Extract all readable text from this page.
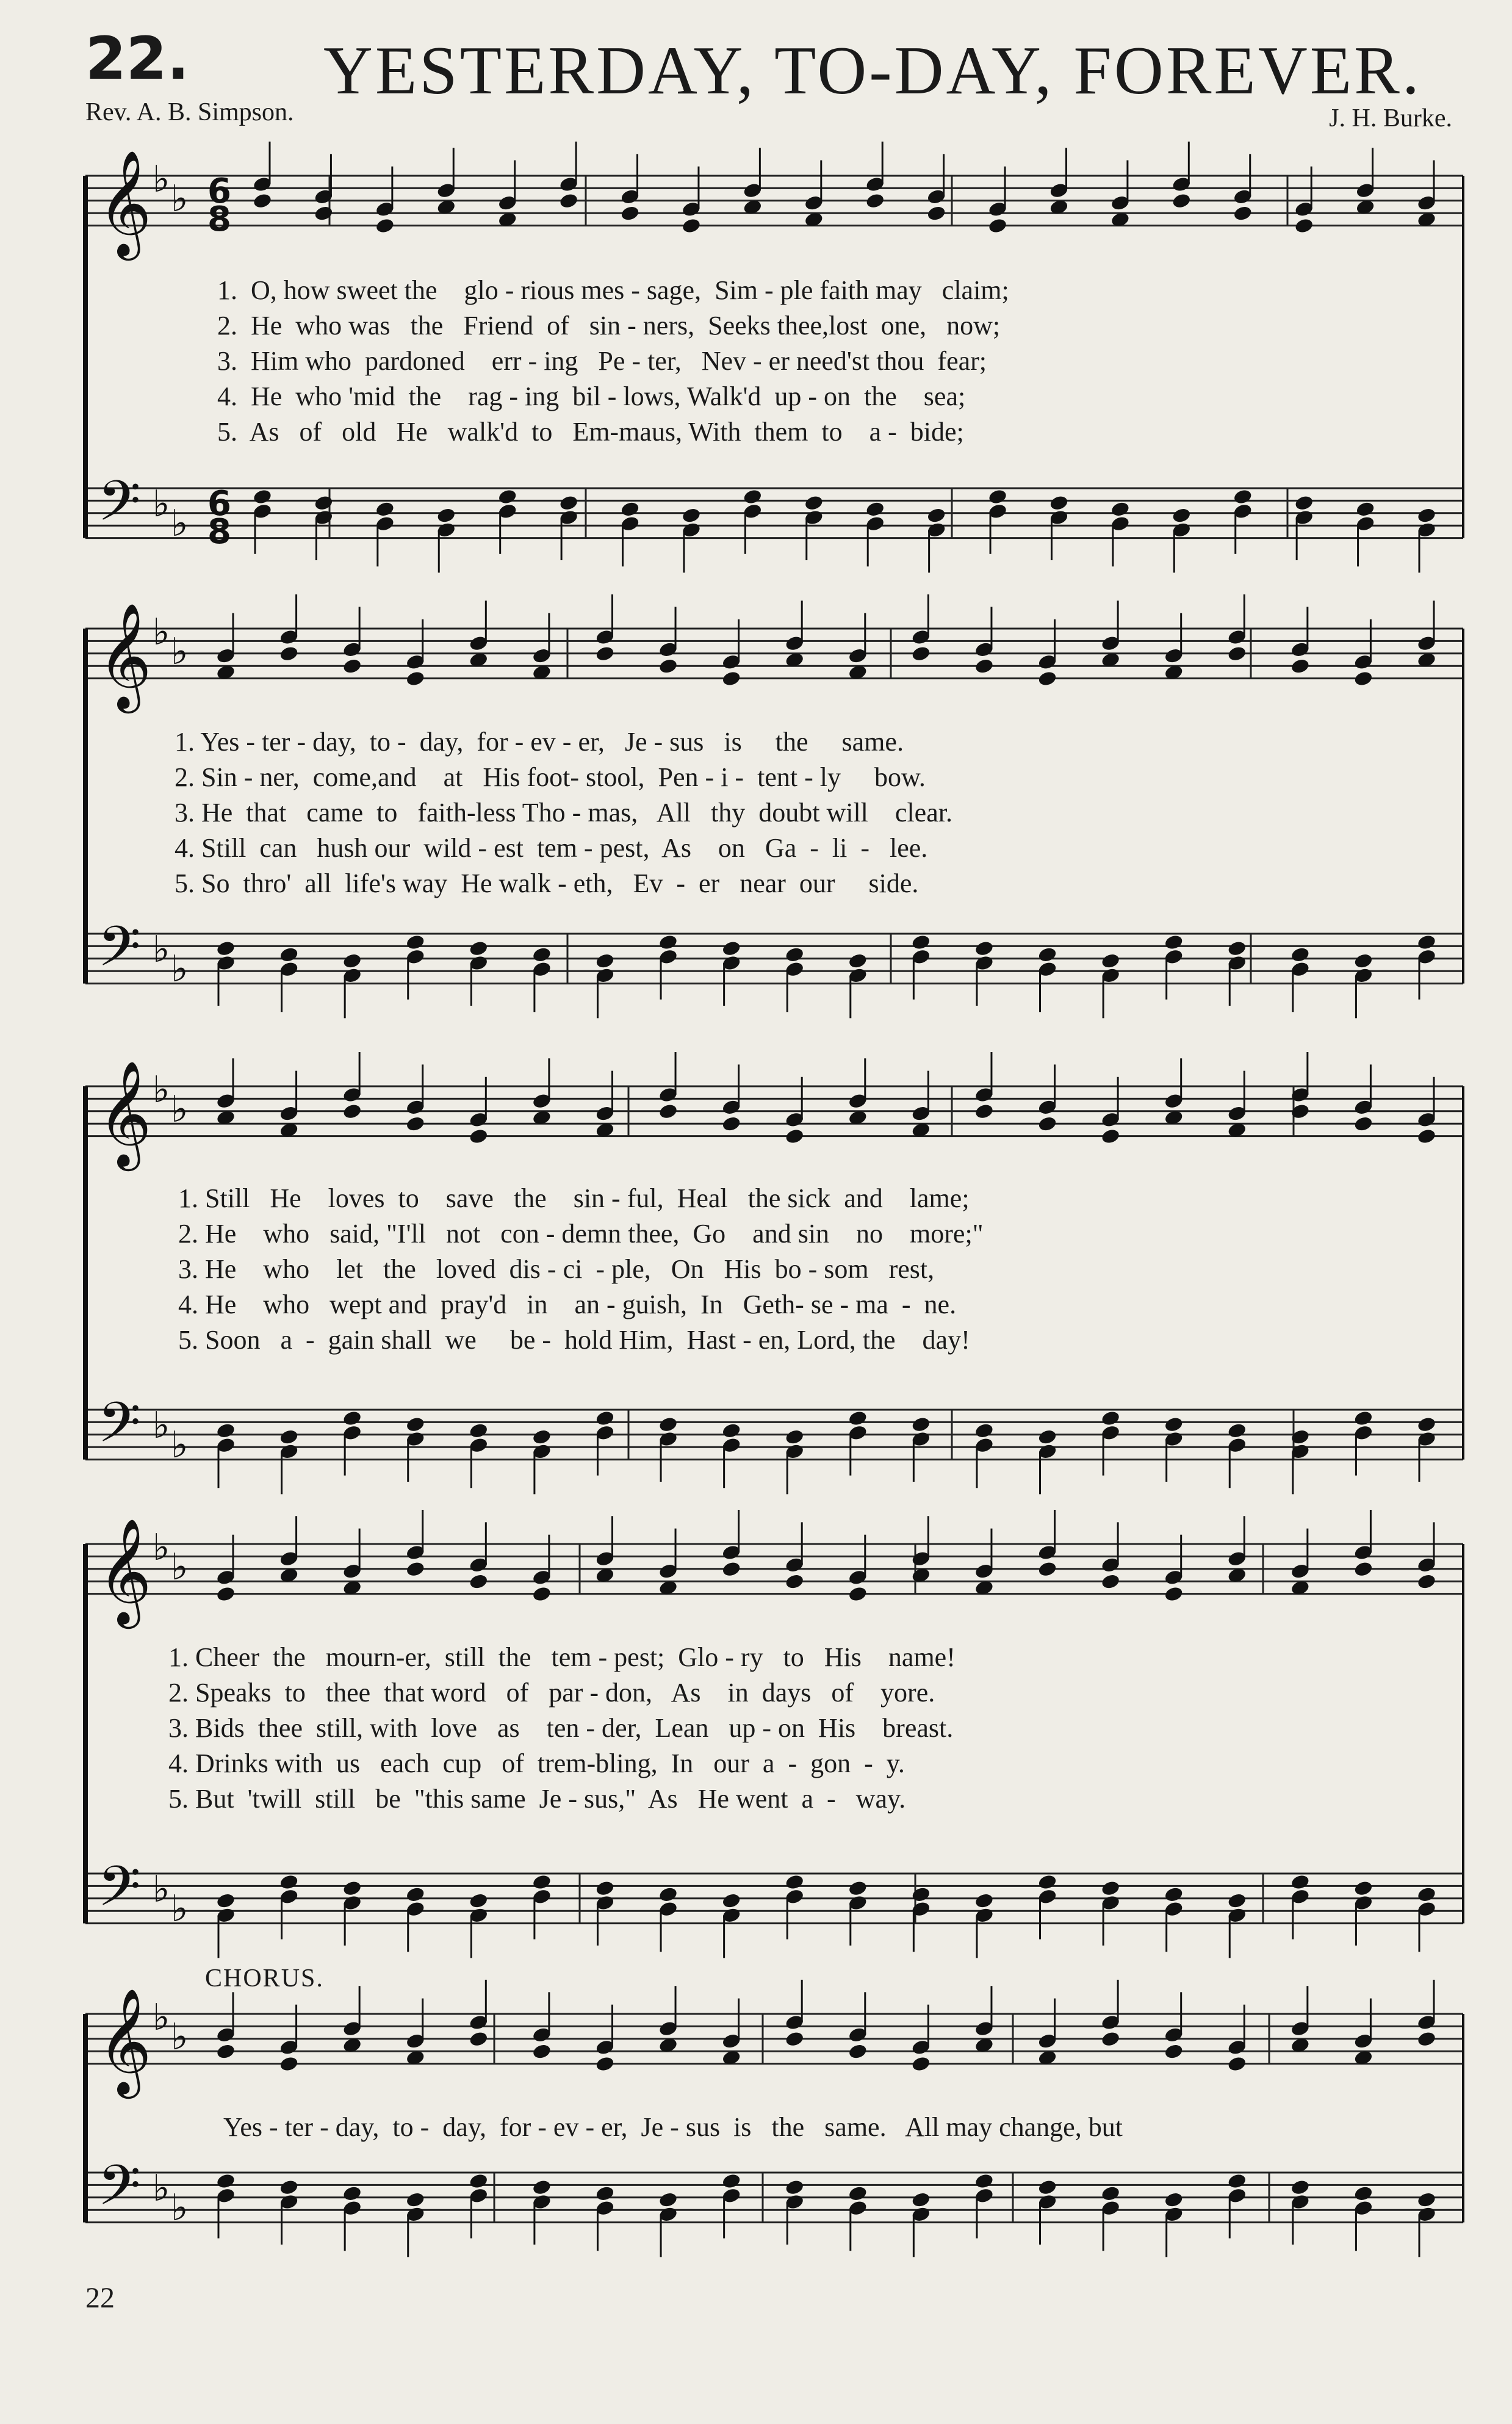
22. YESTERDAY, TO-DAY, FOREVER.
Rev. A. B. Simpson.	J. H. Burke.
𝄞
𝄢
♭ ♭
♭ ♭
6
8
6
8
𝄞
𝄢
♭ ♭
♭ ♭
𝄞
𝄢
♭ ♭
♭ ♭
𝄞
𝄢
♭ ♭
♭ ♭
𝄞
𝄢
♭ ♭
♭ ♭
1.  O, how sweet the    glo - rious mes - sage,  Sim - ple faith may   claim;
2.  He  who was   the   Friend  of   sin - ners,  Seeks thee,lost  one,   now;
3.  Him who  pardoned    err - ing   Pe - ter,   Nev - er need'st thou  fear;
4.  He  who 'mid  the    rag - ing  bil - lows, Walk'd  up - on  the    sea;
5.  As   of   old   He   walk'd  to   Em-maus, With  them  to    a -  bide;
1. Yes - ter - day,  to -  day,  for - ev - er,   Je - sus   is     the     same.
2. Sin - ner,  come,and    at   His foot- stool,  Pen - i -  tent - ly     bow.
3. He  that   came  to   faith-less Tho - mas,   All   thy  doubt will    clear.
4. Still  can   hush our  wild - est  tem - pest,  As    on   Ga  -  li  -   lee.
5. So  thro'  all  life's way  He walk - eth,   Ev  -  er   near  our     side.
1. Still   He    loves  to    save   the    sin - ful,  Heal   the sick  and    lame;
2. He    who   said, "I'll   not   con - demn thee,  Go    and sin    no    more;"
3. He    who    let   the   loved  dis - ci  - ple,   On   His  bo - som   rest,
4. He    who   wept and  pray'd   in    an - guish,  In   Geth- se - ma  -  ne.
5. Soon   a  -  gain shall  we     be -  hold Him,  Hast - en, Lord, the    day!
1. Cheer  the   mourn-er,  still  the   tem - pest;  Glo - ry   to   His    name!
2. Speaks  to   thee  that word   of   par - don,   As    in  days   of    yore.
3. Bids  thee  still, with  love   as    ten - der,  Lean   up - on  His    breast.
4. Drinks with  us   each  cup   of  trem-bling,  In   our  a  -  gon  -  y.
5. But  'twill  still   be  "this same  Je - sus,"  As   He went  a  -   way.
CHORUS.
Yes - ter - day,  to -  day,  for - ev - er,  Je - sus  is   the   same.   All may change, but
22
